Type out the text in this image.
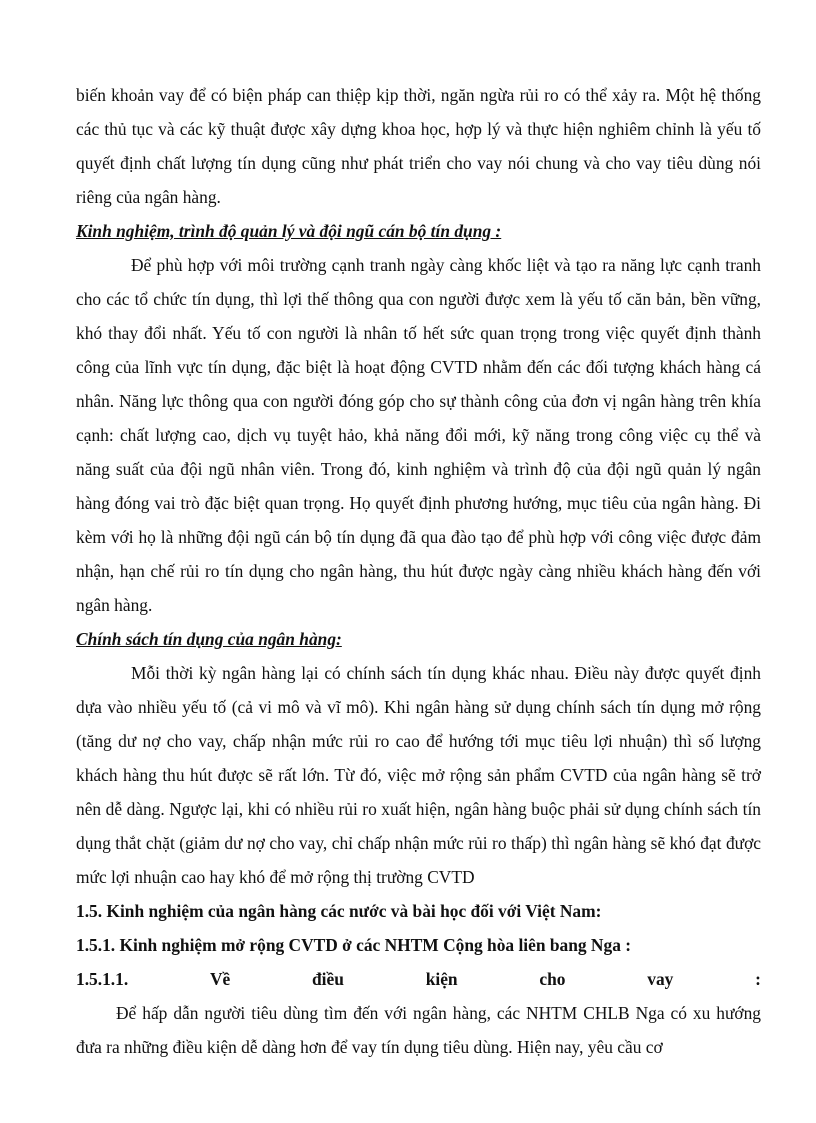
biến khoản vay để có biện pháp can thiệp kịp thời, ngăn ngừa rủi ro có thể xảy ra. Một hệ thống các thủ tục và các kỹ thuật được xây dựng khoa học, hợp lý và thực hiện nghiêm chỉnh là yếu tố quyết định chất lượng tín dụng cũng như phát triển cho vay nói chung và cho vay tiêu dùng nói riêng của ngân hàng.

Kinh nghiệm, trình độ quản lý và đội ngũ cán bộ tín dụng :

Để phù hợp với môi trường cạnh tranh ngày càng khốc liệt và tạo ra năng lực cạnh tranh cho các tổ chức tín dụng, thì lợi thế thông qua con người được xem là yếu tố căn bản, bền vững, khó thay đổi nhất. Yếu tố con người là nhân tố hết sức quan trọng trong việc quyết định thành công của lĩnh vực tín dụng, đặc biệt là hoạt động CVTD nhằm đến các đối tượng khách hàng cá nhân. Năng lực thông qua con người đóng góp cho sự thành công của đơn vị ngân hàng trên khía cạnh: chất lượng cao, dịch vụ tuyệt hảo, khả năng đổi mới, kỹ năng trong công việc cụ thể và năng suất của đội ngũ nhân viên. Trong đó, kinh nghiệm và trình độ của đội ngũ quản lý ngân hàng đóng vai trò đặc biệt quan trọng. Họ quyết định phương hướng, mục tiêu của ngân hàng. Đi kèm với họ là những đội ngũ cán bộ tín dụng đã qua đào tạo để phù hợp với công việc được đảm nhận, hạn chế rủi ro tín dụng cho ngân hàng, thu hút được ngày càng nhiều khách hàng đến với ngân hàng.

Chính sách tín dụng của ngân hàng:

Mỗi thời kỳ ngân hàng lại có chính sách tín dụng khác nhau. Điều này được quyết định dựa vào nhiều yếu tố (cả vi mô và vĩ mô). Khi ngân hàng sử dụng chính sách tín dụng mở rộng (tăng dư nợ cho vay, chấp nhận mức rủi ro cao để hướng tới mục tiêu lợi nhuận) thì số lượng khách hàng thu hút được sẽ rất lớn. Từ đó, việc mở rộng sản phẩm CVTD của ngân hàng sẽ trở nên dễ dàng. Ngược lại, khi có nhiều rủi ro xuất hiện, ngân hàng buộc phải sử dụng chính sách tín dụng thắt chặt (giảm dư nợ cho vay, chỉ chấp nhận mức rủi ro thấp) thì ngân hàng sẽ khó đạt được mức lợi nhuận cao hay khó để mở rộng thị trường CVTD

1.5. Kinh nghiệm của ngân hàng các nước và bài học đối với Việt Nam:

1.5.1. Kinh nghiệm mở rộng CVTD ở các NHTM Cộng hòa liên bang Nga :

1.5.1.1.	Về	điều	kiện	cho	vay	:

Để hấp dẫn người tiêu dùng tìm đến với ngân hàng, các NHTM CHLB Nga có xu hướng đưa ra những điều kiện dễ dàng hơn để vay tín dụng tiêu dùng. Hiện nay, yêu cầu cơ
